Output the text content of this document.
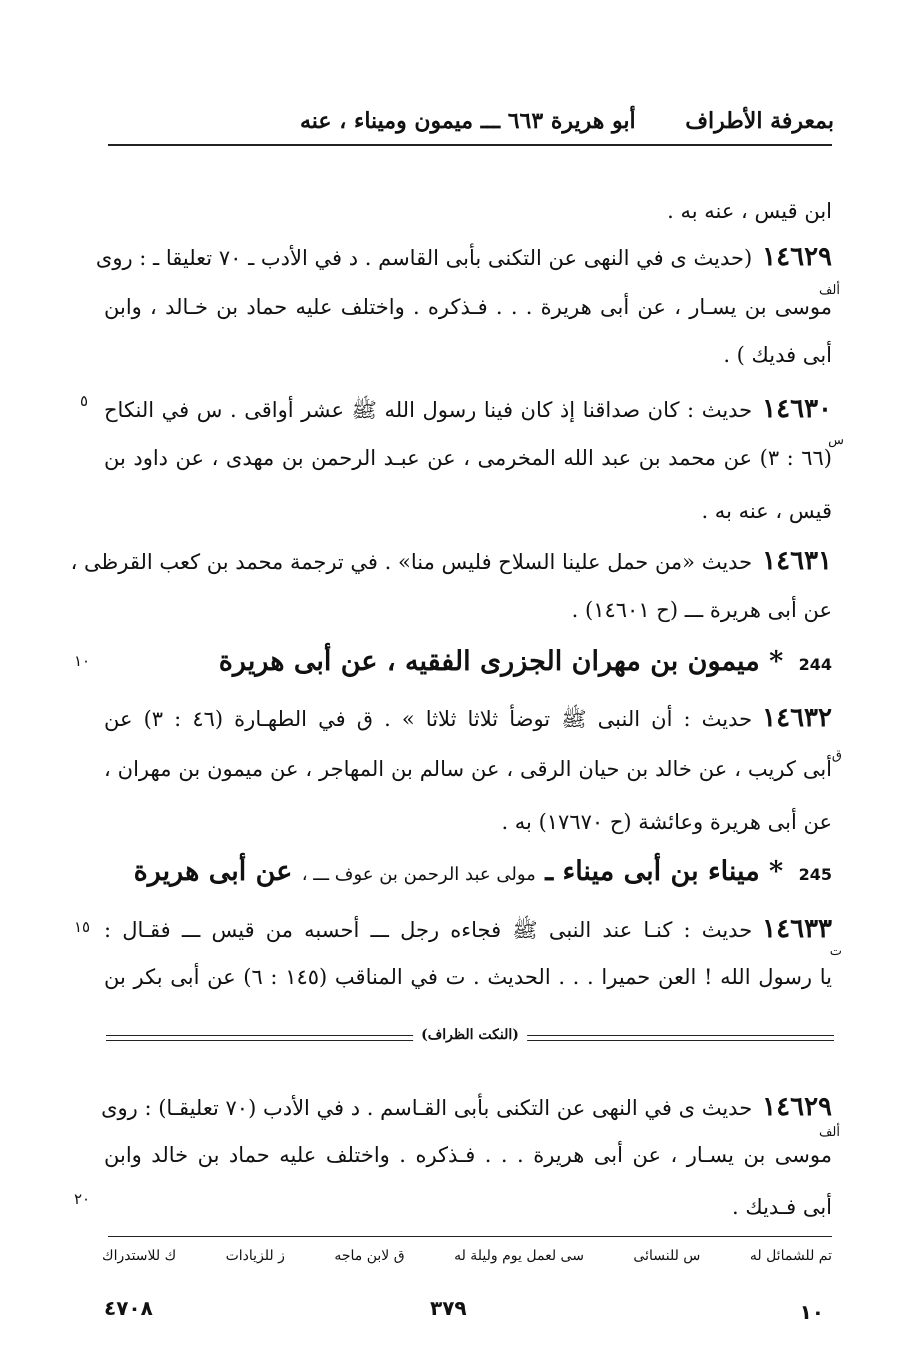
بمعرفة الأطراف
أبو هريرة ٦٦٣ ـــ ميمون وميناء ، عنه
ابن قيس ، عنه به .
١٤٦٢٩(حديث ى في النهى عن التكنى بأبى القاسم . د في الأدب ـ ٧٠ تعليقا ـ : روى
موسى بن يسـار ، عن أبى هريرة . . . فـذكره . واختلف عليه حماد بن خـالد ، وابن
أبى فديك ) .
١٤٦٣٠حديث : كان صداقنا إذ كان فينا رسول الله ﷺ عشر أواقى . س في النكاح
(٦٦ : ٣) عن محمد بن عبد الله المخرمى ، عن عبـد الرحمن بن مهدى ، عن داود بن
قيس ، عنه به .
١٤٦٣١حديث «من حمل علينا السلاح فليس منا» . في ترجمة محمد بن كعب القرظى ،
عن أبى هريرة ـــ (ح ١٤٦٠١) .
١٤٦٣٢حديث : أن النبى ﷺ توضأ ثلاثا ثلاثا » . ق في الطهـارة (٤٦ : ٣) عن
أبى كريب ، عن خالد بن حيان الرقى ، عن سالم بن المهاجر ، عن ميمون بن مهران ،
عن أبى هريرة وعائشة (ح ١٧٦٧٠) به .
١٤٦٣٣حديث : كنـا عند النبى ﷺ فجاءه رجل ـــ أحسبه من قيس ـــ فقـال :
يا رسول الله ! العن حميرا . . . الحديث . ت في المناقب (١٤٥ : ٦) عن أبى بكر بن
244 * ميمون بن مهران الجزرى الفقيه ، عن أبى هريرة
245 * ميناء بن أبى ميناء ـ مولى عبد الرحمن بن عوف ـــ ، عن أبى هريرة
ألف
س
ق
ت
ألف
٥
١٠
١٥
٢٠
(النكت الظراف)
١٤٦٢٩حديث ى في النهى عن التكنى بأبى القـاسم . د في الأدب (٧٠ تعليقـا) : روى
موسى بن يسـار ، عن أبى هريرة . . . فـذكره . واختلف عليه حماد بن خالد وابن
أبى فـديك .
تم للشمائل له
س للنسائى
سى لعمل يوم وليلة له
ق لابن ماجه
ز للزيادات
ك للاستدراك
١٠
٣٧٩
٤٧٠٨
